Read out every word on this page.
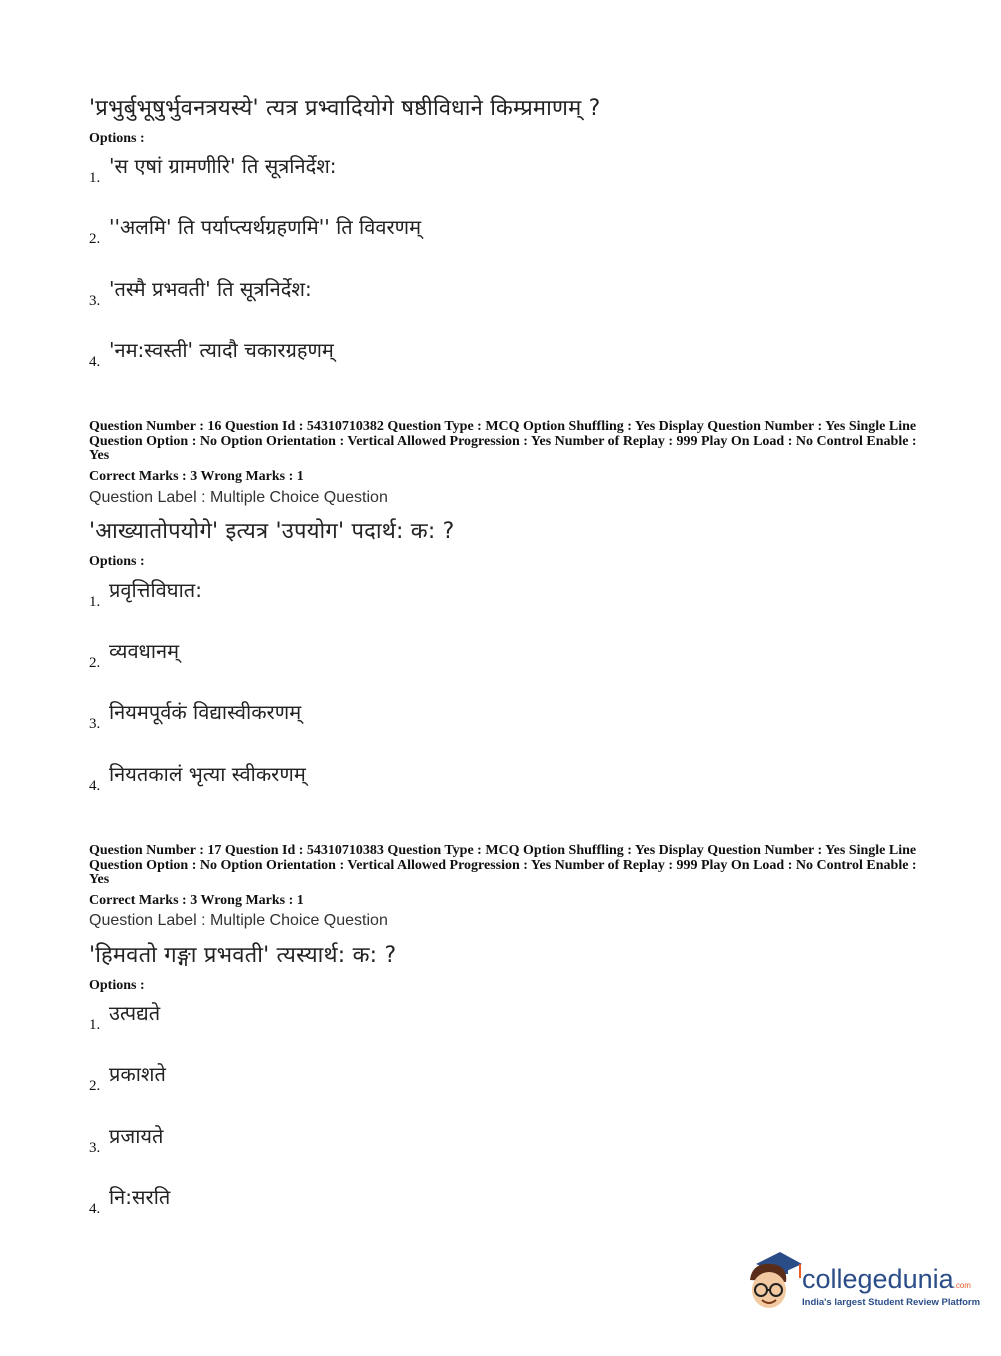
'प्रभुर्बुभूषुर्भुवनत्रयस्ये' त्यत्र प्रभ्वादियोगे षष्ठीविधाने किम्प्रमाणम् ?
Options :
1. 'स एषां ग्रामणीरि' ति सूत्रनिर्देश:
2. ''अलमि' ति पर्याप्त्यर्थग्रहणमि'' ति विवरणम्
3. 'तस्मै प्रभवती' ति सूत्रनिर्देश:
4. 'नम:स्वस्ती' त्यादौ चकारग्रहणम्
Question Number : 16 Question Id : 54310710382 Question Type : MCQ Option Shuffling : Yes Display Question Number : Yes Single Line Question Option : No Option Orientation : Vertical Allowed Progression : Yes Number of Replay : 999 Play On Load : No Control Enable : Yes
Correct Marks : 3 Wrong Marks : 1
Question Label : Multiple Choice Question
'आख्यातोपयोगे' इत्यत्र 'उपयोग' पदार्थ: क: ?
Options :
1. प्रवृत्तिविघात:
2. व्यवधानम्
3. नियमपूर्वकं विद्यास्वीकरणम्
4. नियतकालं भृत्या स्वीकरणम्
Question Number : 17 Question Id : 54310710383 Question Type : MCQ Option Shuffling : Yes Display Question Number : Yes Single Line Question Option : No Option Orientation : Vertical Allowed Progression : Yes Number of Replay : 999 Play On Load : No Control Enable : Yes
Correct Marks : 3 Wrong Marks : 1
Question Label : Multiple Choice Question
'हिमवतो गङ्गा प्रभवती' त्यस्यार्थ: क: ?
Options :
1. उत्पद्यते
2. प्रकाशते
3. प्रजायते
4. नि:सरति
collegedunia.com
India's largest Student Review Platform
